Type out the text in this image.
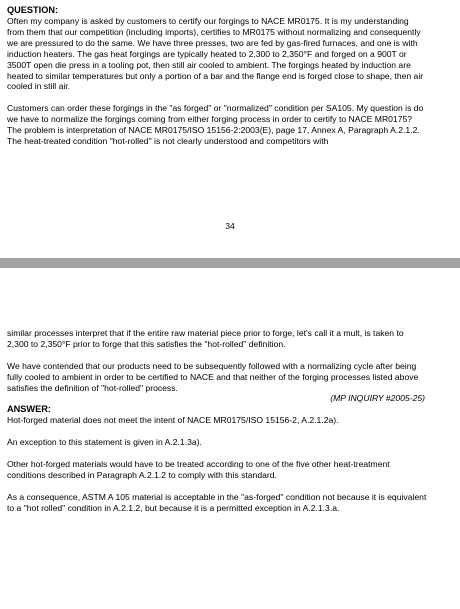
QUESTION:

Often my company is asked by customers to certify our forgings to NACE MR0175. It is my understanding from them that our competition (including imports), certifies to MR0175 without normalizing and consequently we are pressured to do the same. We have three presses, two are fed by gas-fired furnaces, and one is with induction heaters. The gas heat forgings are typically heated to 2,300 to 2,350°F and forged on a 900T or 3500T open die press in a tooling pot, then still air cooled to ambient. The forgings heated by induction are heated to similar temperatures but only a portion of a bar and the flange end is forged close to shape, then air cooled in still air.

Customers can order these forgings in the "as forged" or "normalized" condition per SA105. My question is do we have to normalize the forgings coming from either forging process in order to certify to NACE MR0175? The problem is interpretation of NACE MR0175/ISO 15156-2:2003(E), page 17, Annex A, Paragraph A.2.1.2. The heat-treated condition "hot-rolled" is not clearly understood and competitors with

34

similar processes interpret that if the entire raw material piece prior to forge, let's call it a mult, is taken to 2,300 to 2,350°F prior to forge that this satisfies the "hot-rolled" definition.

We have contended that our products need to be subsequently followed with a normalizing cycle after being fully cooled to ambient in order to be certified to NACE and that neither of the forging processes listed above satisfies the definition of "hot-rolled" process.

(MP INQUIRY #2005-25)

ANSWER:

Hot-forged material does not meet the intent of NACE MR0175/ISO 15156-2, A.2.1.2a).

An exception to this statement is given in A.2.1.3a).

Other hot-forged materials would have to be treated according to one of the five other heat-treatment conditions described in Paragraph A.2.1.2 to comply with this standard.

As a consequence, ASTM A 105 material is acceptable in the "as-forged" condition not because it is equivalent to a "hot rolled" condition in A.2.1.2, but because it is a permitted exception in A.2.1.3.a.
